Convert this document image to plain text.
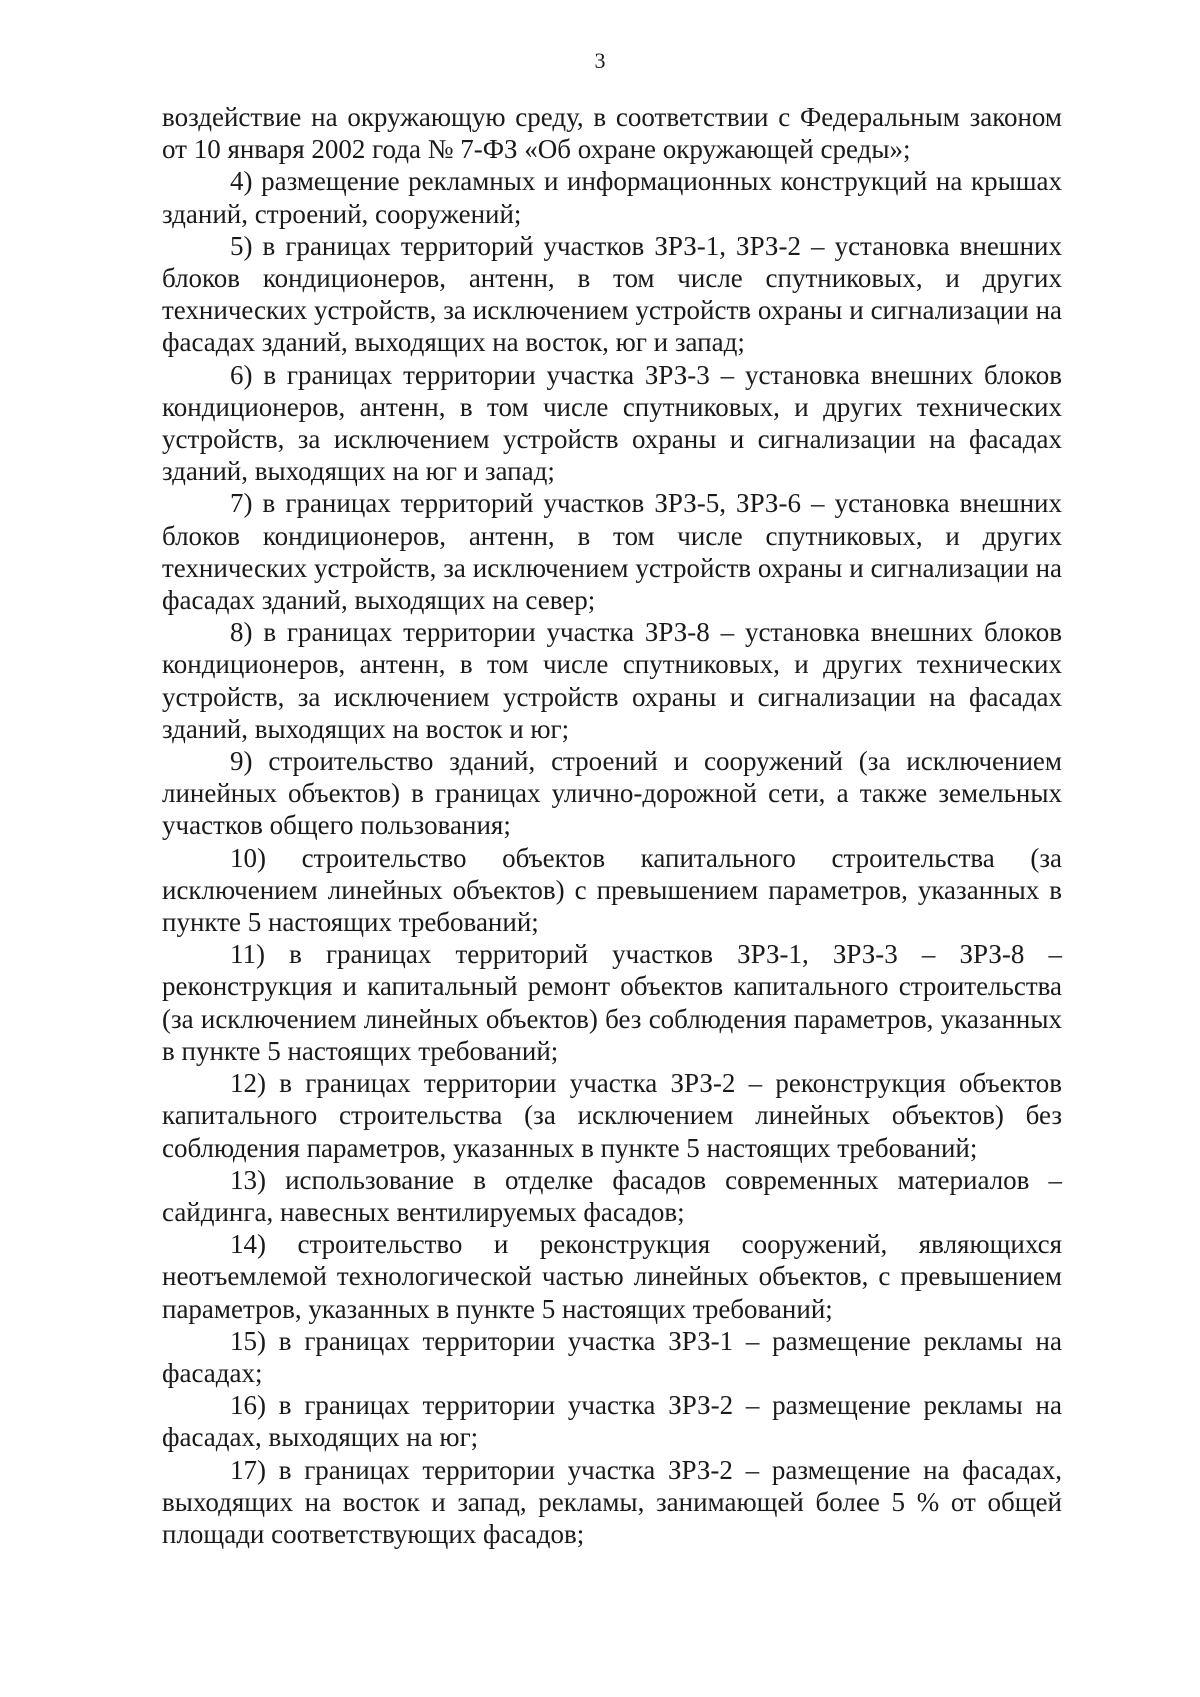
3

воздействие на окружающую среду, в соответствии с Федеральным законом от 10 января 2002 года № 7-ФЗ «Об охране окружающей среды»;

4) размещение рекламных и информационных конструкций на крышах зданий, строений, сооружений;

5) в границах территорий участков ЗРЗ-1, ЗРЗ-2 – установка внешних блоков кондиционеров, антенн, в том числе спутниковых, и других технических устройств, за исключением устройств охраны и сигнализации на фасадах зданий, выходящих на восток, юг и запад;

6) в границах территории участка ЗРЗ-3 – установка внешних блоков кондиционеров, антенн, в том числе спутниковых, и других технических устройств, за исключением устройств охраны и сигнализации на фасадах зданий, выходящих на юг и запад;

7) в границах территорий участков ЗРЗ-5, ЗРЗ-6 – установка внешних блоков кондиционеров, антенн, в том числе спутниковых, и других технических устройств, за исключением устройств охраны и сигнализации на фасадах зданий, выходящих на север;

8) в границах территории участка ЗРЗ-8 – установка внешних блоков кондиционеров, антенн, в том числе спутниковых, и других технических устройств, за исключением устройств охраны и сигнализации на фасадах зданий, выходящих на восток и юг;

9) строительство зданий, строений и сооружений (за исключением линейных объектов) в границах улично-дорожной сети, а также земельных участков общего пользования;

10) строительство объектов капитального строительства (за исключением линейных объектов) с превышением параметров, указанных в пункте 5 настоящих требований;

11) в границах территорий участков ЗРЗ-1, ЗРЗ-3 – ЗРЗ-8 – реконструкция и капитальный ремонт объектов капитального строительства (за исключением линейных объектов) без соблюдения параметров, указанных в пункте 5 настоящих требований;

12) в границах территории участка ЗРЗ-2 – реконструкция объектов капитального строительства (за исключением линейных объектов) без соблюдения параметров, указанных в пункте 5 настоящих требований;

13) использование в отделке фасадов современных материалов – сайдинга, навесных вентилируемых фасадов;

14) строительство и реконструкция сооружений, являющихся неотъемлемой технологической частью линейных объектов, с превышением параметров, указанных в пункте 5 настоящих требований;

15) в границах территории участка ЗРЗ-1 – размещение рекламы на фасадах;

16) в границах территории участка ЗРЗ-2 – размещение рекламы на фасадах, выходящих на юг;

17) в границах территории участка ЗРЗ-2 – размещение на фасадах, выходящих на восток и запад, рекламы, занимающей более 5 % от общей площади соответствующих фасадов;
